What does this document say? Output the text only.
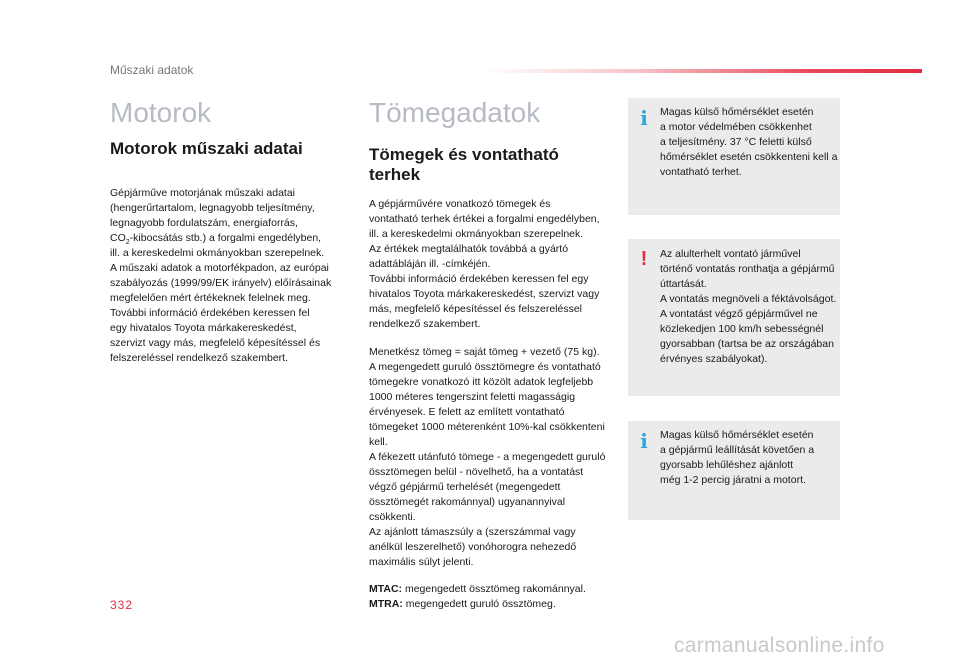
Műszaki adatok
Motorok
Motorok műszaki adatai

Gépjárműve motorjának műszaki adatai
(hengerűrtartalom, legnagyobb teljesítmény,
legnagyobb fordulatszám, energiaforrás,
$CO_2$-kibocsátás stb.) a forgalmi engedélyben,
ill. a kereskedelmi okmányokban szerepelnek.
A műszaki adatok a motorfékpadon, az európai
szabályozás (1999/99/EK irányelv) előírásainak
megfelelően mért értékeknek felelnek meg.
További információ érdekében keressen fel
egy hivatalos Toyota márkakereskedést,
szervizt vagy más, megfelelő képesítéssel és
felszereléssel rendelkező szakembert.

Tömegadatok
Tömegek és vontatható terhek

A gépjárművére vonatkozó tömegek és
vontatható terhek értékei a forgalmi engedélyben,
ill. a kereskedelmi okmányokban szerepelnek.
Az értékek megtalálhatók továbbá a gyártó
adattábláján ill. -címkéjén.
További információ érdekében keressen fel egy
hivatalos Toyota márkakereskedést, szervizt vagy
más, megfelelő képesítéssel és felszereléssel
rendelkező szakembert.

Menetkész tömeg = saját tömeg + vezető (75 kg).
A megengedett guruló össztömegre és vontatható
tömegekre vonatkozó itt közölt adatok legfeljebb
1000 méteres tengerszint feletti magasságig
érvényesek. E felett az említett vontatható
tömegeket 1000 méterenként 10%-kal csökkenteni
kell.
A fékezett utánfutó tömege - a megengedett guruló
össztömegen belül - növelhető, ha a vontatást
végző gépjármű terhelését (megengedett
össztömegét rakománnyal) ugyanannyival
csökkenti.
Az ajánlott támaszsúly a (szerszámmal vagy
anélkül leszerelhető) vonóhorogra nehezedő
maximális súlyt jelenti.

MTAC: megengedett össztömeg rakománnyal.
MTRA: megengedett guruló össztömeg.

i Magas külső hőmérséklet esetén
a motor védelmében csökkenhet
a teljesítmény. 37 °C feletti külső
hőmérséklet esetén csökkenteni kell a
vontatható terhet.
! Az alulterhelt vontató járművel
történő vontatás ronthatja a gépjármű
úttartását.
A vontatás megnöveli a féktávolságot.
A vontatást végző gépjárművel ne
közlekedjen 100 km/h sebességnél
gyorsabban (tartsa be az országában
érvényes szabályokat).
i Magas külső hőmérséklet esetén
a gépjármű leállítását követően a
gyorsabb lehűléshez ajánlott
még 1-2 percig járatni a motort.
332
carmanualsonline.info
